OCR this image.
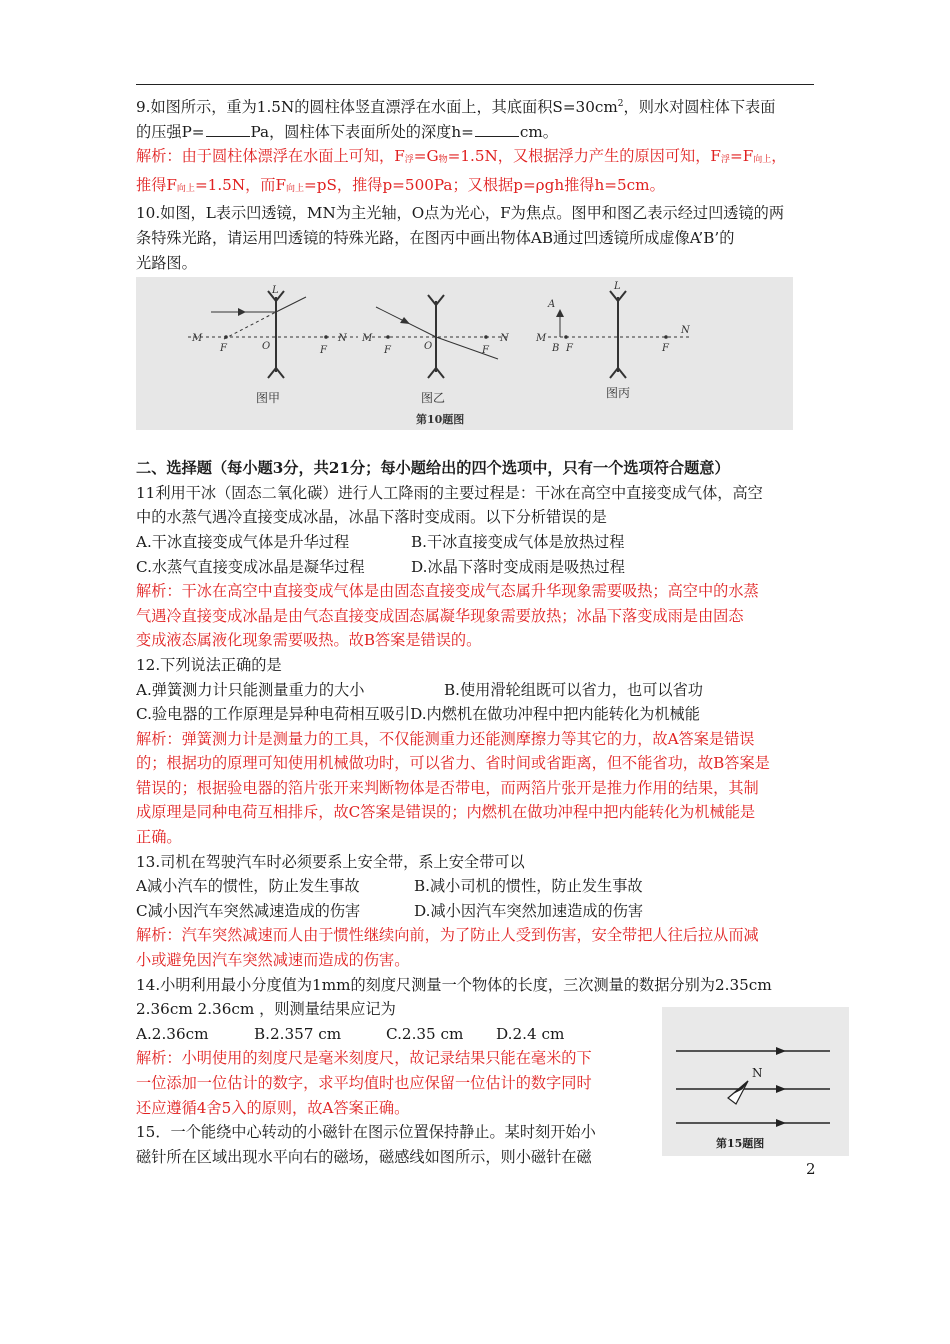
9.如图所示，重为1.5N的圆柱体竖直漂浮在水面上，其底面积$S=30cm^2$，则水对圆柱体下表面
的压强P=	Pa，圆柱体下表面所处的深度h=	cm。
解析：由于圆柱体漂浮在水面上可知，F浮=G物=1.5N，又根据浮力产生的原因可知，F浮=F向上，
推得F向上=1.5N，而F向上=pS，推得p=500Pa；又根据p=ρgh推得h=5cm。
10.如图，L表示凹透镜，MN为主光轴，O点为光心，F为焦点。图甲和图乙表示经过凹透镜的两
条特殊光路，请运用凹透镜的特殊光路，在图丙中画出物体AB通过凹透镜所成虚像A’B’的
光路图。
M
F	O	F
N
L
图甲
M
F	O	F
N
图乙
A
M
B F	F
N
L
图丙
第10题图
二、选择题（每小题3分，共21分；每小题给出的四个选项中，只有一个选项符合题意）
11利用干冰（固态二氧化碳）进行人工降雨的主要过程是：干冰在高空中直接变成气体，高空
中的水蒸气遇冷直接变成冰晶，冰晶下落时变成雨。以下分析错误的是
A.干冰直接变成气体是升华过程	B.干冰直接变成气体是放热过程
C.水蒸气直接变成冰晶是凝华过程	D.冰晶下落时变成雨是吸热过程
解析：干冰在高空中直接变成气体是由固态直接变成气态属升华现象需要吸热；高空中的水蒸
气遇冷直接变成冰晶是由气态直接变成固态属凝华现象需要放热；冰晶下落变成雨是由固态
变成液态属液化现象需要吸热。故B答案是错误的。
12.下列说法正确的是
A.弹簧测力计只能测量重力的大小	B.使用滑轮组既可以省力，也可以省功
C.验电器的工作原理是异种电荷相互吸引D.内燃机在做功冲程中把内能转化为机械能
解析：弹簧测力计是测量力的工具，不仅能测重力还能测摩擦力等其它的力，故A答案是错误
的；根据功的原理可知使用机械做功时，可以省力、省时间或省距离，但不能省功，故B答案是
错误的；根据验电器的箔片张开来判断物体是否带电，而两箔片张开是推力作用的结果，其制
成原理是同种电荷互相排斥，故C答案是错误的；内燃机在做功冲程中把内能转化为机械能是
正确。
13.司机在驾驶汽车时必须要系上安全带，系上安全带可以
A减小汽车的惯性，防止发生事故	B.减小司机的惯性，防止发生事故
C减小因汽车突然减速造成的伤害	D.减小因汽车突然加速造成的伤害
解析：汽车突然减速而人由于惯性继续向前，为了防止人受到伤害，安全带把人往后拉从而减
小或避免因汽车突然减速而造成的伤害。
14.小明利用最小分度值为1mm的刻度尺测量一个物体的长度，三次测量的数据分别为2.35cm
2.36cm 2.36cm ，则测量结果应记为
A.2.36cm	B.2.357 cm	C.2.35 cm D.2.4 cm
解析：小明使用的刻度尺是毫米刻度尺，故记录结果只能在毫米的下
一位添加一位估计的数字，求平均值时也应保留一位估计的数字同时
还应遵循4舍5入的原则，故A答案正确。
15．一个能绕中心转动的小磁针在图示位置保持静止。某时刻开始小
磁针所在区域出现水平向右的磁场，磁感线如图所示，则小磁针在磁
N
第15题图
2
